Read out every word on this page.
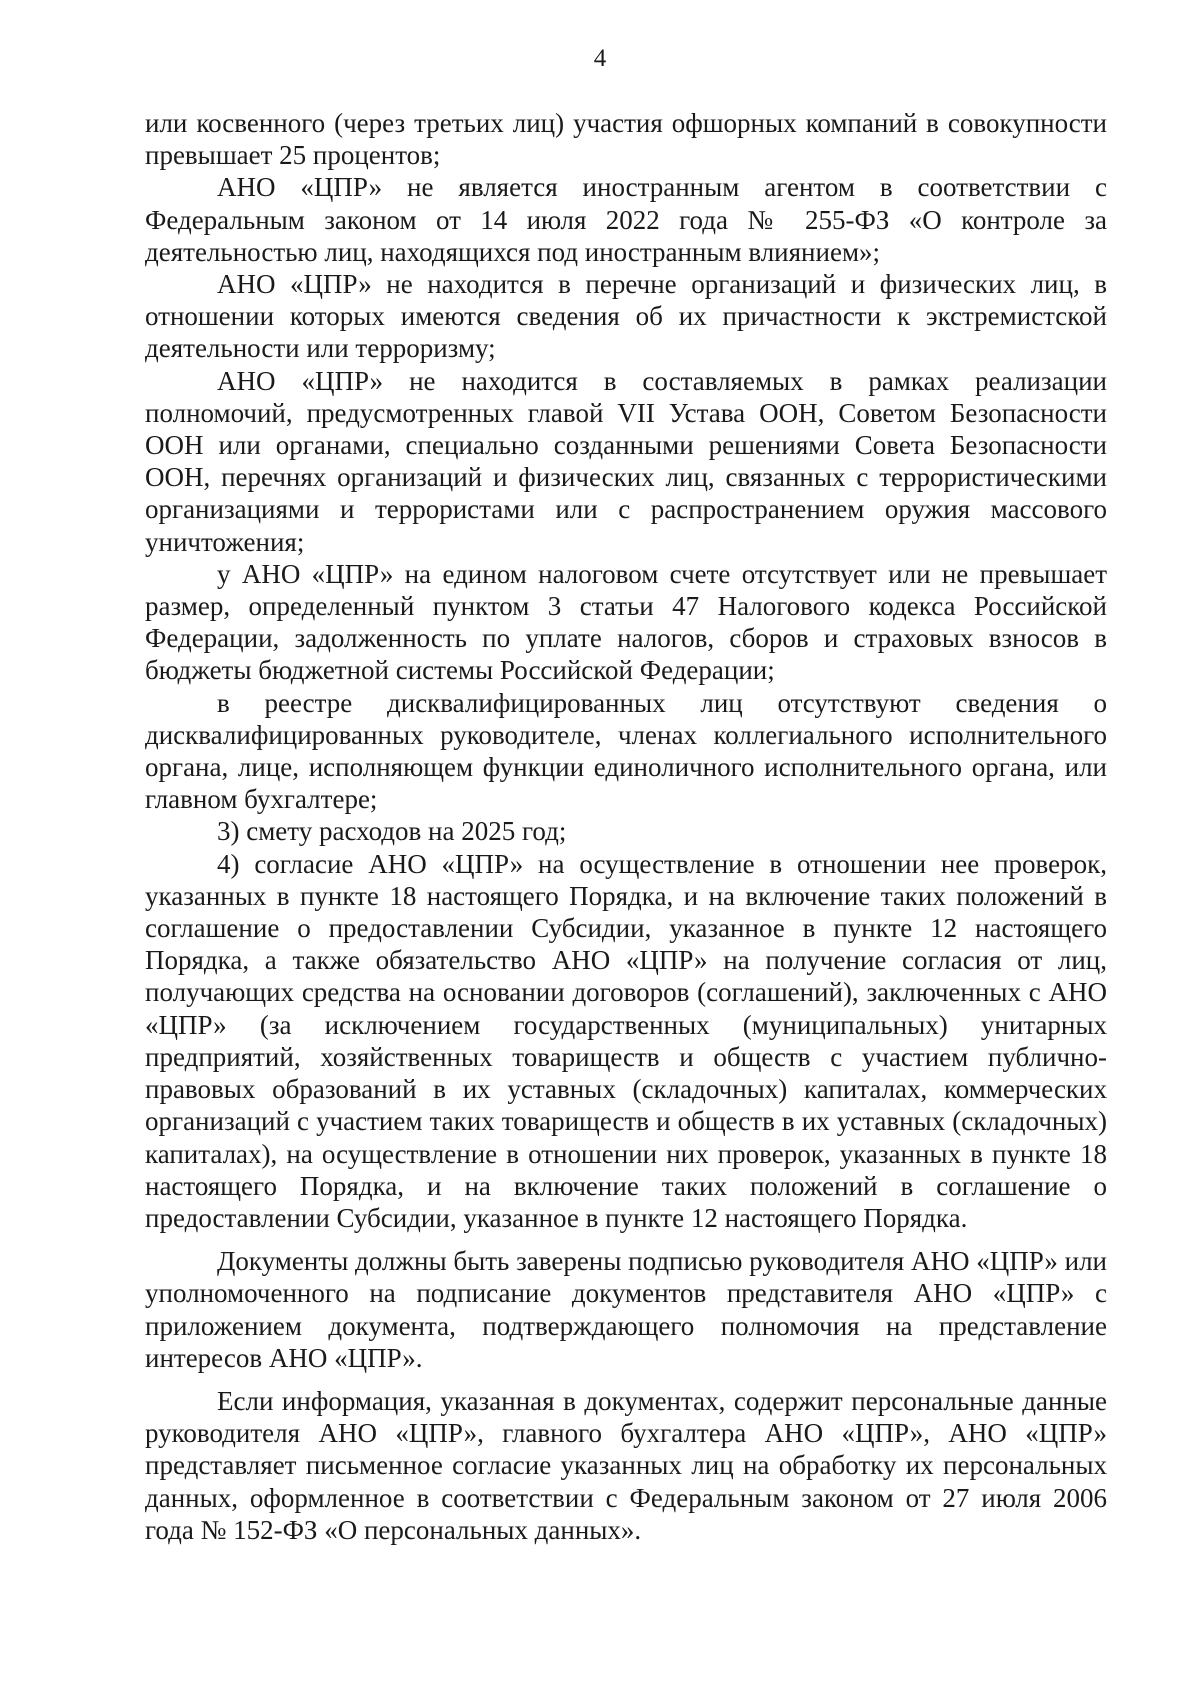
4

или косвенного (через третьих лиц) участия офшорных компаний в совокупности превышает 25 процентов;

АНО «ЦПР» не является иностранным агентом в соответствии с Федеральным законом от 14 июля 2022 года № 255-ФЗ «О контроле за деятельностью лиц, находящихся под иностранным влиянием»;

АНО «ЦПР» не находится в перечне организаций и физических лиц, в отношении которых имеются сведения об их причастности к экстремистской деятельности или терроризму;

АНО «ЦПР» не находится в составляемых в рамках реализации полномочий, предусмотренных главой VII Устава ООН, Советом Безопасности ООН или органами, специально созданными решениями Совета Безопасности ООН, перечнях организаций и физических лиц, связанных с террористическими организациями и террористами или с распространением оружия массового уничтожения;

у АНО «ЦПР» на едином налоговом счете отсутствует или не превышает размер, определенный пунктом 3 статьи 47 Налогового кодекса Российской Федерации, задолженность по уплате налогов, сборов и страховых взносов в бюджеты бюджетной системы Российской Федерации;

в реестре дисквалифицированных лиц отсутствуют сведения о дисквалифицированных руководителе, членах коллегиального исполнительного органа, лице, исполняющем функции единоличного исполнительного органа, или главном бухгалтере;

3) смету расходов на 2025 год;

4) согласие АНО «ЦПР» на осуществление в отношении нее проверок, указанных в пункте 18 настоящего Порядка, и на включение таких положений в соглашение о предоставлении Субсидии, указанное в пункте 12 настоящего Порядка, а также обязательство АНО «ЦПР» на получение согласия от лиц, получающих средства на основании договоров (соглашений), заключенных с АНО «ЦПР» (за исключением государственных (муниципальных) унитарных предприятий, хозяйственных товариществ и обществ с участием публично-правовых образований в их уставных (складочных) капиталах, коммерческих организаций с участием таких товариществ и обществ в их уставных (складочных) капиталах), на осуществление в отношении них проверок, указанных в пункте 18 настоящего Порядка, и на включение таких положений в соглашение о предоставлении Субсидии, указанное в пункте 12 настоящего Порядка.

Документы должны быть заверены подписью руководителя АНО «ЦПР» или уполномоченного на подписание документов представителя АНО «ЦПР» с приложением документа, подтверждающего полномочия на представление интересов АНО «ЦПР».

Если информация, указанная в документах, содержит персональные данные руководителя АНО «ЦПР», главного бухгалтера АНО «ЦПР», АНО «ЦПР» представляет письменное согласие указанных лиц на обработку их персональных данных, оформленное в соответствии с Федеральным законом от 27 июля 2006 года № 152-ФЗ «О персональных данных».
